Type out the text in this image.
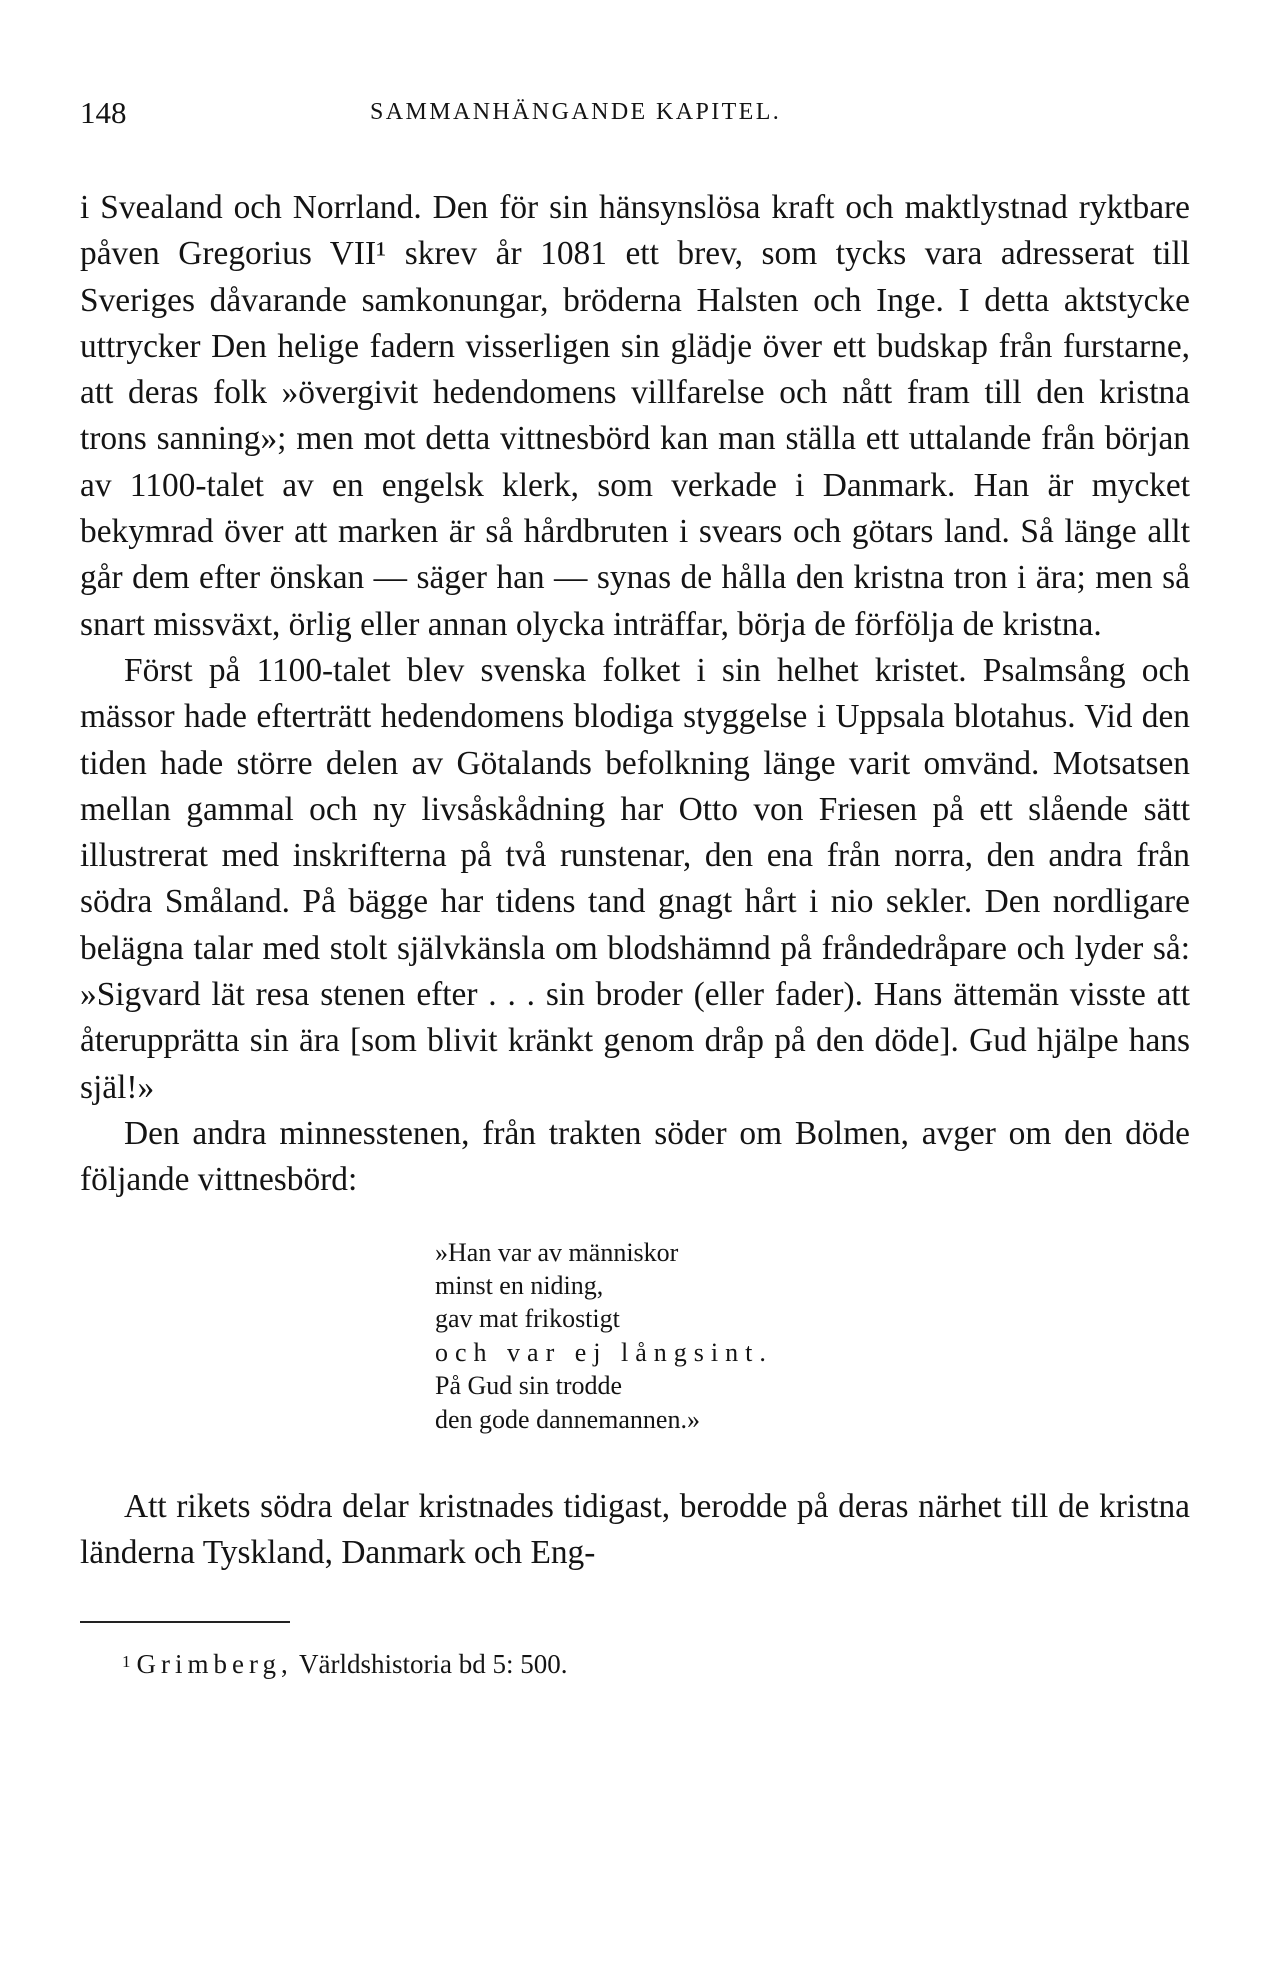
148	SAMMANHÄNGANDE KAPITEL.

i Svealand och Norrland. Den för sin hänsynslösa kraft och maktlystnad ryktbare påven Gregorius VII¹ skrev år 1081 ett brev, som tycks vara adresserat till Sveriges dåvarande samkonungar, bröderna Halsten och Inge. I detta aktstycke uttrycker Den helige fadern visserligen sin glädje över ett budskap från furstarne, att deras folk »övergivit hedendomens villfarelse och nått fram till den kristna trons sanning»; men mot detta vittnesbörd kan man ställa ett uttalande från början av 1100-talet av en engelsk klerk, som verkade i Danmark. Han är mycket bekymrad över att marken är så hårdbruten i svears och götars land. Så länge allt går dem efter önskan — säger han — synas de hålla den kristna tron i ära; men så snart missväxt, örlig eller annan olycka inträffar, börja de förfölja de kristna.

Först på 1100-talet blev svenska folket i sin helhet kristet. Psalmsång och mässor hade efterträtt hedendomens blodiga styggelse i Uppsala blotahus. Vid den tiden hade större delen av Götalands befolkning länge varit omvänd. Motsatsen mellan gammal och ny livsåskådning har Otto von Friesen på ett slående sätt illustrerat med inskrifterna på två runstenar, den ena från norra, den andra från södra Småland. På bägge har tidens tand gnagt hårt i nio sekler. Den nordligare belägna talar med stolt självkänsla om blodshämnd på fråndedråpare och lyder så: »Sigvard lät resa stenen efter . . . sin broder (eller fader). Hans ättemän visste att återupprätta sin ära [som blivit kränkt genom dråp på den döde]. Gud hjälpe hans själ!»

Den andra minnesstenen, från trakten söder om Bolmen, avger om den döde följande vittnesbörd:

»Han var av människor
minst en niding,
gav mat frikostigt
och var ej långsint.
På Gud sin trodde
den gode dannemannen.»

Att rikets södra delar kristnades tidigast, berodde på deras närhet till de kristna länderna Tyskland, Danmark och Eng-

$^1$ Grimberg, Världshistoria bd 5: 500.
